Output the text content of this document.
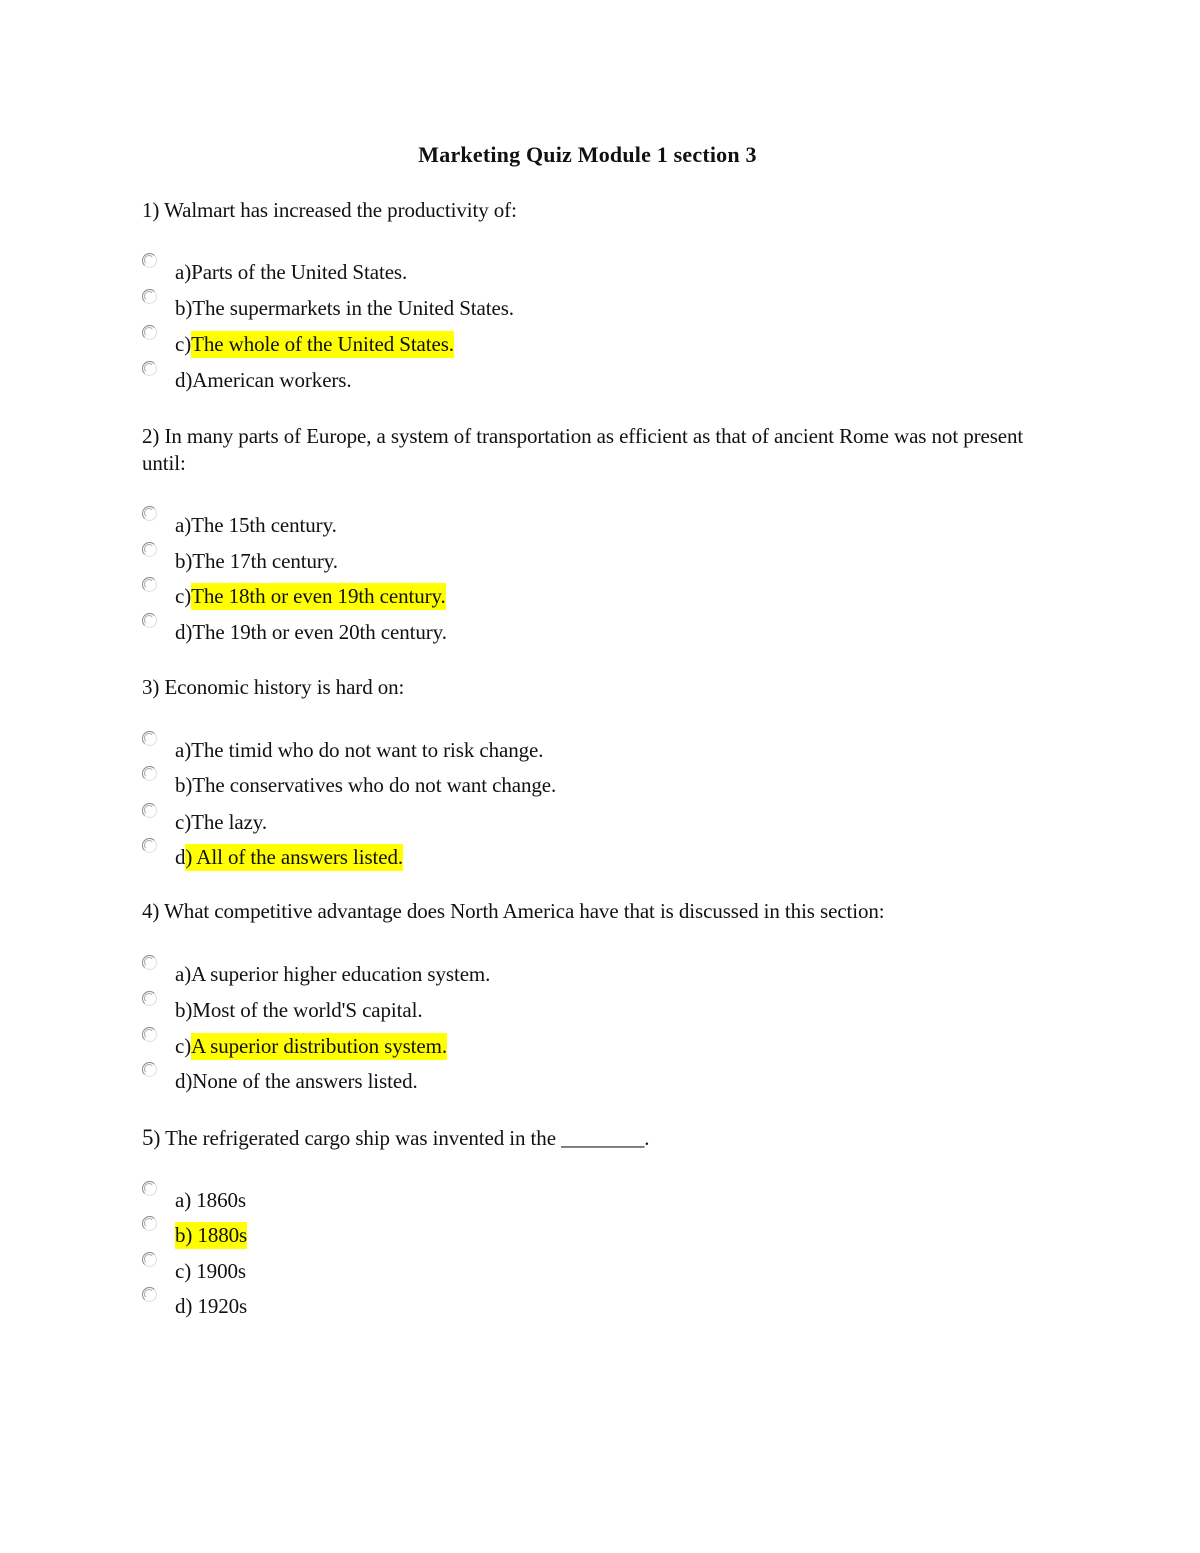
Marketing Quiz Module 1 section 3
1) Walmart has increased the productivity of:
a) Parts of the United States.
b) The supermarkets in the United States.
c) The whole of the United States.
d) American workers.
2) In many parts of Europe, a system of transportation as efficient as that of ancient Rome was not present until:
a) The 15th century.
b) The 17th century.
c) The 18th or even 19th century.
d) The 19th or even 20th century.
3) Economic history is hard on:
a) The timid who do not want to risk change.
b) The conservatives who do not want change.
c) The lazy.
d ) All of the answers listed.
4) What competitive advantage does North America have that is discussed in this section:
a) A superior higher education system.
b) Most of the world'S capital.
c) A superior distribution system.
d) None of the answers listed.
5) The refrigerated cargo ship was invented in the ________.
a) 1860s
b) 1880s
c) 1900s
d) 1920s
